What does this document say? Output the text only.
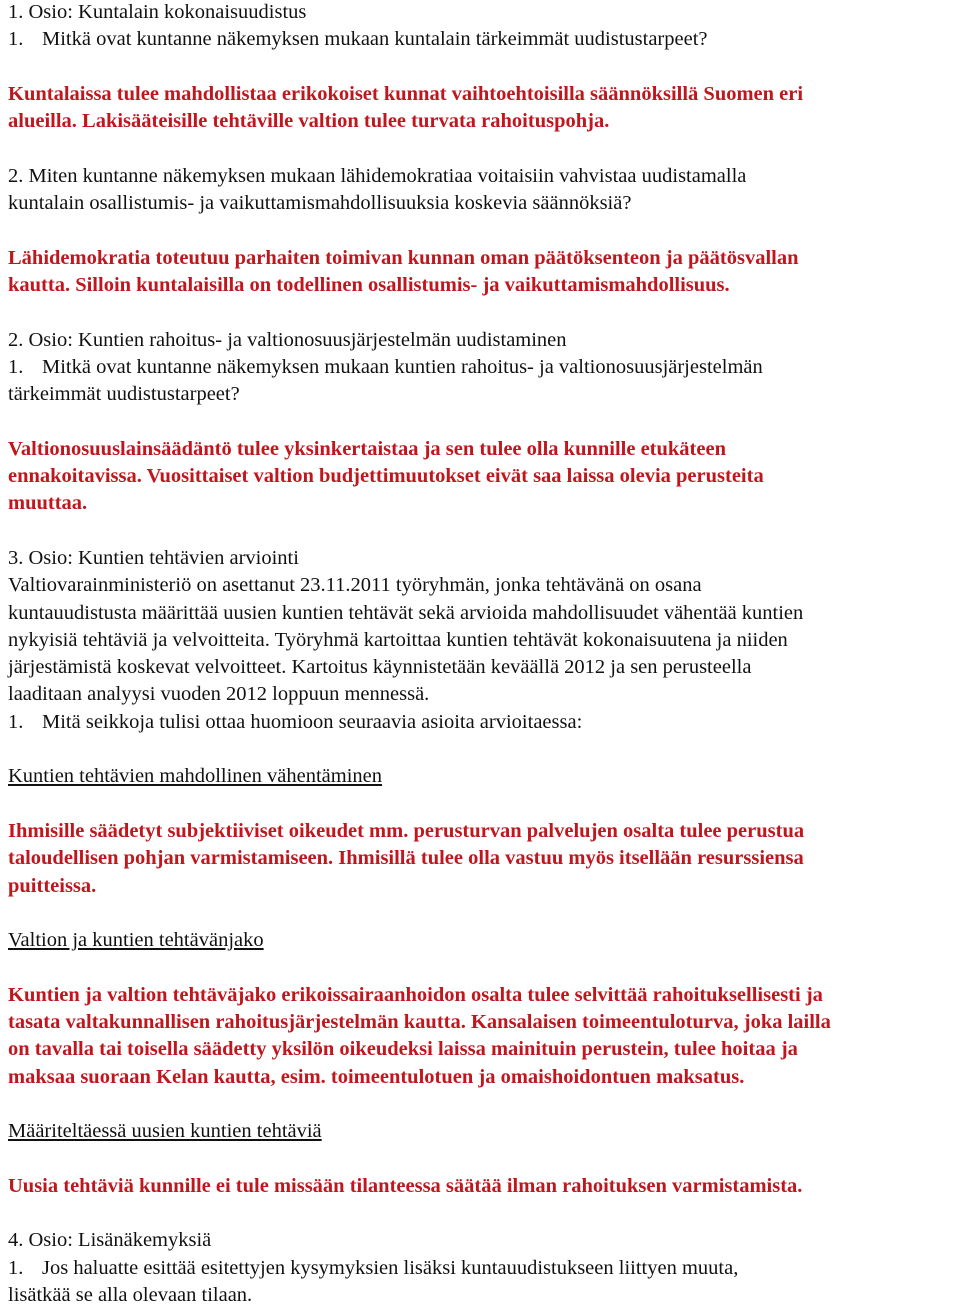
1. Osio: Kuntalain kokonaisuudistus
1. Mitkä ovat kuntanne näkemyksen mukaan kuntalain tärkeimmät uudistustarpeet?
Kuntalaissa tulee mahdollistaa erikokoiset kunnat vaihtoehtoisilla säännöksillä Suomen eri
alueilla. Lakisääteisille tehtäville valtion tulee turvata rahoituspohja.
2. Miten kuntanne näkemyksen mukaan lähidemokratiaa voitaisiin vahvistaa uudistamalla
kuntalain osallistumis- ja vaikuttamismahdollisuuksia koskevia säännöksiä?
Lähidemokratia toteutuu parhaiten toimivan kunnan oman päätöksenteon ja päätösvallan
kautta. Silloin kuntalaisilla on todellinen osallistumis- ja vaikuttamismahdollisuus.
2. Osio: Kuntien rahoitus- ja valtionosuusjärjestelmän uudistaminen
1. Mitkä ovat kuntanne näkemyksen mukaan kuntien rahoitus- ja valtionosuusjärjestelmän
tärkeimmät uudistustarpeet?
Valtionosuuslainsäädäntö tulee yksinkertaistaa ja sen tulee olla kunnille etukäteen
ennakoitavissa. Vuosittaiset valtion budjettimuutokset eivät saa laissa olevia perusteita
muuttaa.
3. Osio: Kuntien tehtävien arviointi
Valtiovarainministeriö on asettanut 23.11.2011 työryhmän, jonka tehtävänä on osana
kuntauudistusta määrittää uusien kuntien tehtävät sekä arvioida mahdollisuudet vähentää kuntien
nykyisiä tehtäviä ja velvoitteita. Työryhmä kartoittaa kuntien tehtävät kokonaisuutena ja niiden
järjestämistä koskevat velvoitteet. Kartoitus käynnistetään keväällä 2012 ja sen perusteella
laaditaan analyysi vuoden 2012 loppuun mennessä.
1. Mitä seikkoja tulisi ottaa huomioon seuraavia asioita arvioitaessa:
Kuntien tehtävien mahdollinen vähentäminen
Ihmisille säädetyt subjektiiviset oikeudet mm. perusturvan palvelujen osalta tulee perustua
taloudellisen pohjan varmistamiseen. Ihmisillä tulee olla vastuu myös itsellään resurssiensa
puitteissa.
Valtion ja kuntien tehtävänjako
Kuntien ja valtion tehtäväjako erikoissairaanhoidon osalta tulee selvittää rahoituksellisesti ja
tasata valtakunnallisen rahoitusjärjestelmän kautta. Kansalaisen toimeentuloturva, joka lailla
on tavalla tai toisella säädetty yksilön oikeudeksi laissa mainituin perustein, tulee hoitaa ja
maksaa suoraan Kelan kautta, esim. toimeentulotuen ja omaishoidontuen maksatus.
Määriteltäessä uusien kuntien tehtäviä
Uusia tehtäviä kunnille ei tule missään tilanteessa säätää ilman rahoituksen varmistamista.
4. Osio: Lisänäkemyksiä
1. Jos haluatte esittää esitettyjen kysymyksien lisäksi kuntauudistukseen liittyen muuta,
lisätkää se alla olevaan tilaan.
